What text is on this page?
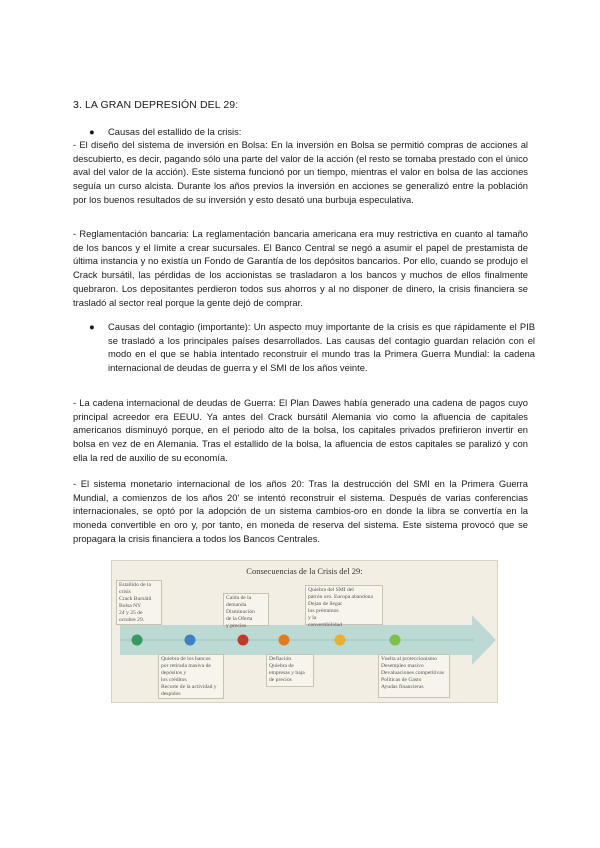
3. LA GRAN DEPRESIÓN DEL 29:
● Causas del estallido de la crisis:

- El diseño del sistema de inversión en Bolsa: En la inversión en Bolsa se permitió compras de acciones al descubierto, es decir, pagando sólo una parte del valor de la acción (el resto se tomaba prestado con el único aval del valor de la acción). Este sistema funcionó por un tiempo, mientras el valor en bolsa de las acciones seguía un curso alcista. Durante los años previos la inversión en acciones se generalizó entre la población por los buenos resultados de su inversión y esto desató una burbuja especulativa.

- Reglamentación bancaria: La reglamentación bancaria americana era muy restrictiva en cuanto al tamaño de los bancos y el límite a crear sucursales. El Banco Central se negó a asumir el papel de prestamista de última instancia y no existía un Fondo de Garantía de los depósitos bancarios. Por ello, cuando se produjo el Crack bursátil, las pérdidas de los accionistas se trasladaron a los bancos y muchos de ellos finalmente quebraron. Los depositantes perdieron todos sus ahorros y al no disponer de dinero, la crisis financiera se trasladó al sector real porque la gente dejó de comprar.

● Causas del contagio (importante): Un aspecto muy importante de la crisis es que rápidamente el PIB se trasladó a los principales países desarrollados. Las causas del contagio guardan relación con el modo en el que se había intentado reconstruir el mundo tras la Primera Guerra Mundial: la cadena internacional de deudas de guerra y el SMI de los años veinte.

- La cadena internacional de deudas de Guerra: El Plan Dawes había generado una cadena de pagos cuyo principal acreedor era EEUU. Ya antes del Crack bursátil Alemania vio como la afluencia de capitales americanos disminuyó porque, en el periodo alto de la bolsa, los capitales privados prefirieron invertir en bolsa en vez de en Alemania. Tras el estallido de la bolsa, la afluencia de estos capitales se paralizó y con ella la red de auxilio de su economía.

- El sistema monetario internacional de los años 20: Tras la destrucción del SMI en la Primera Guerra Mundial, a comienzos de los años 20' se intentó reconstruir el sistema. Después de varias conferencias internacionales, se optó por la adopción de un sistema cambios-oro en donde la libra se convertía en la moneda convertible en oro y, por tanto, en moneda de reserva del sistema. Este sistema provocó que se propagara la crisis financiera a todos los Bancos Centrales.

Consecuencias de la Crisis del 29:
Estallido de la
crisis
Crack Bursátil
Bolsa NY
24 y 25 de
octubre 29.
Caída de la
demanda
Disminución
de la Oferta
y precios
Quiebra del SMI del
patrón oro. Europa abandona
Dejan de llegar
los préstamos
y la
convertibilidad
Quiebra de los bancos
por retirada masiva de
depósitos y
los créditos
Recorte de la actividad y
despidos
Deflación
Quiebra de
empresas y baja
de precios
Vuelta al proteccionismo
Desempleo masivo
Devaluaciones competitivas
Políticas de Gasto
Ayudas financieras
